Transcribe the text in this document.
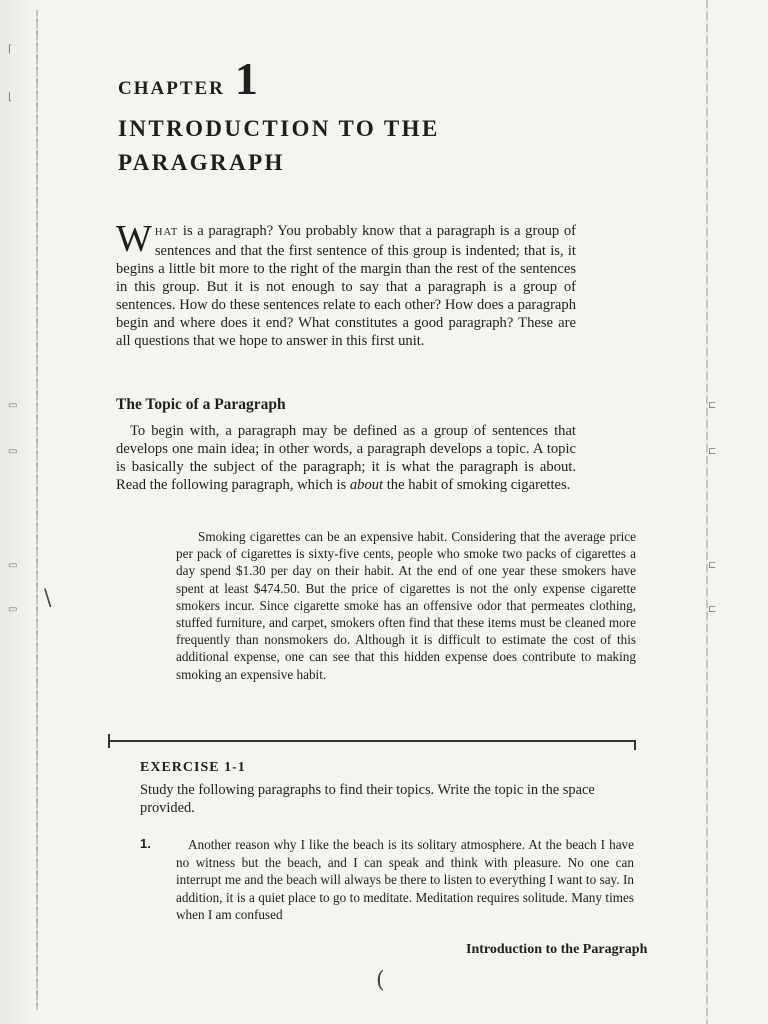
⌈
⌊
▭
▭
▭
▭
⊏
⊏
⊏
⊏
\
CHAPTER 1
INTRODUCTION TO THE
PARAGRAPH

WHAT is a paragraph? You probably know that a paragraph is a group of sentences and that the first sentence of this group is indented; that is, it begins a little bit more to the right of the margin than the rest of the sentences in this group. But it is not enough to say that a paragraph is a group of sentences. How do these sentences relate to each other? How does a paragraph begin and where does it end? What constitutes a good paragraph? These are all questions that we hope to answer in this first unit.

The Topic of a Paragraph

To begin with, a paragraph may be defined as a group of sentences that develops one main idea; in other words, a paragraph develops a topic. A topic is basically the subject of the paragraph; it is what the paragraph is about. Read the following paragraph, which is about the habit of smoking cigarettes.

Smoking cigarettes can be an expensive habit. Considering that the average price per pack of cigarettes is sixty-five cents, people who smoke two packs of cigarettes a day spend $1.30 per day on their habit. At the end of one year these smokers have spent at least $474.50. But the price of cigarettes is not the only expense cigarette smokers incur. Since cigarette smoke has an offensive odor that permeates clothing, stuffed furniture, and carpet, smokers often find that these items must be cleaned more frequently than nonsmokers do. Although it is difficult to estimate the cost of this additional expense, one can see that this hidden expense does contribute to making smoking an expensive habit.

EXERCISE 1-1

Study the following paragraphs to find their topics. Write the topic in the space provided.

1.	Another reason why I like the beach is its solitary atmosphere. At the beach I have no witness but the beach, and I can speak and think with pleasure. No one can interrupt me and the beach will always be there to listen to everything I want to say. In addition, it is a quiet place to go to meditate. Meditation requires solitude. Many times when I am confused

Introduction to the Paragraph

(
